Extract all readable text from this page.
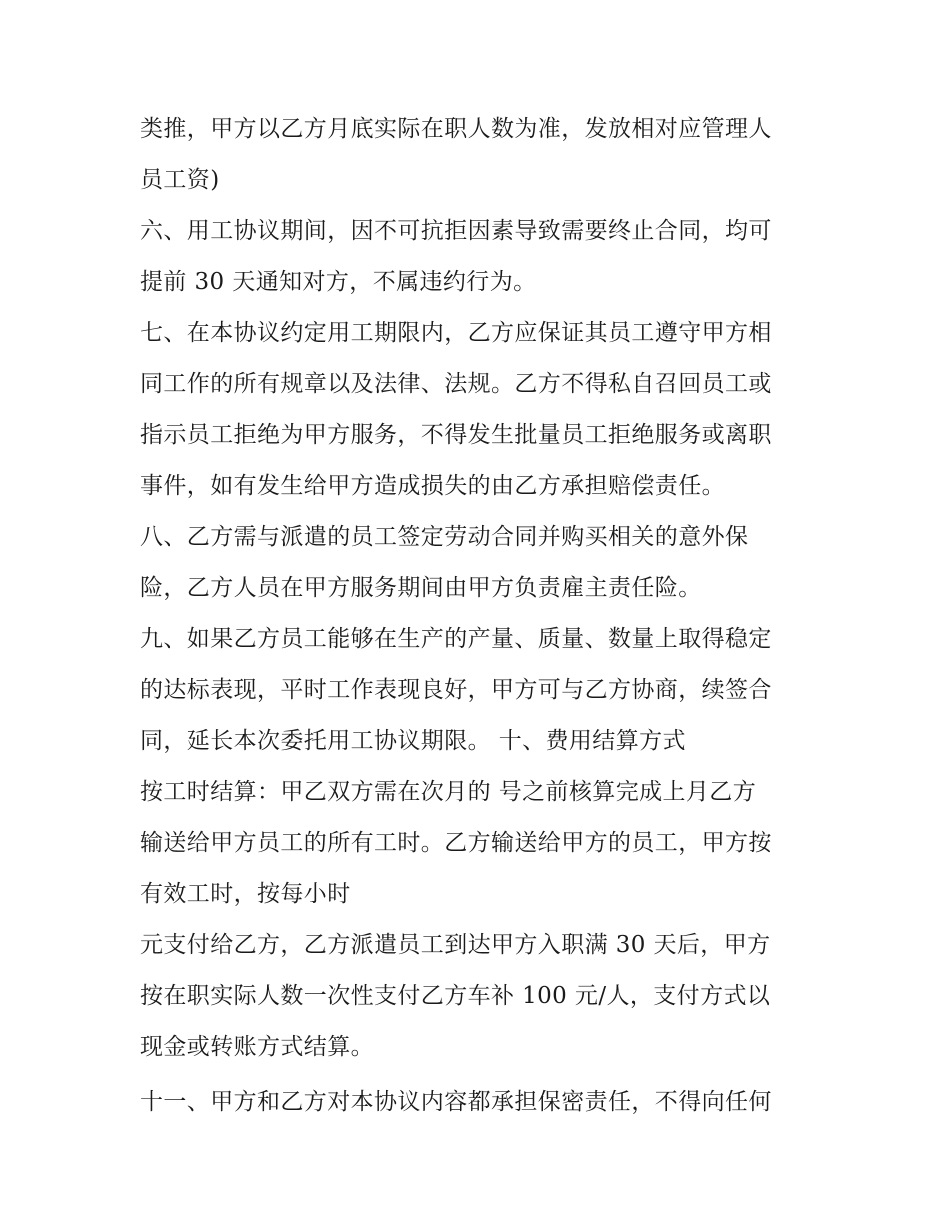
类推，甲方以乙方月底实际在职人数为准，发放相对应管理人
员工资)
六、用工协议期间，因不可抗拒因素导致需要终止合同，均可
提前 30 天通知对方，不属违约行为。
七、在本协议约定用工期限内，乙方应保证其员工遵守甲方相
同工作的所有规章以及法律、法规。乙方不得私自召回员工或
指示员工拒绝为甲方服务，不得发生批量员工拒绝服务或离职
事件，如有发生给甲方造成损失的由乙方承担赔偿责任。
八、乙方需与派遣的员工签定劳动合同并购买相关的意外保
险，乙方人员在甲方服务期间由甲方负责雇主责任险。
九、如果乙方员工能够在生产的产量、质量、数量上取得稳定
的达标表现，平时工作表现良好，甲方可与乙方协商，续签合
同，延长本次委托用工协议期限。 十、费用结算方式
按工时结算：甲乙双方需在次月的 号之前核算完成上月乙方
输送给甲方员工的所有工时。乙方输送给甲方的员工，甲方按
有效工时，按每小时
元支付给乙方，乙方派遣员工到达甲方入职满 30 天后，甲方
按在职实际人数一次性支付乙方车补 100 元/人，支付方式以
现金或转账方式结算。
十一、甲方和乙方对本协议内容都承担保密责任，不得向任何
